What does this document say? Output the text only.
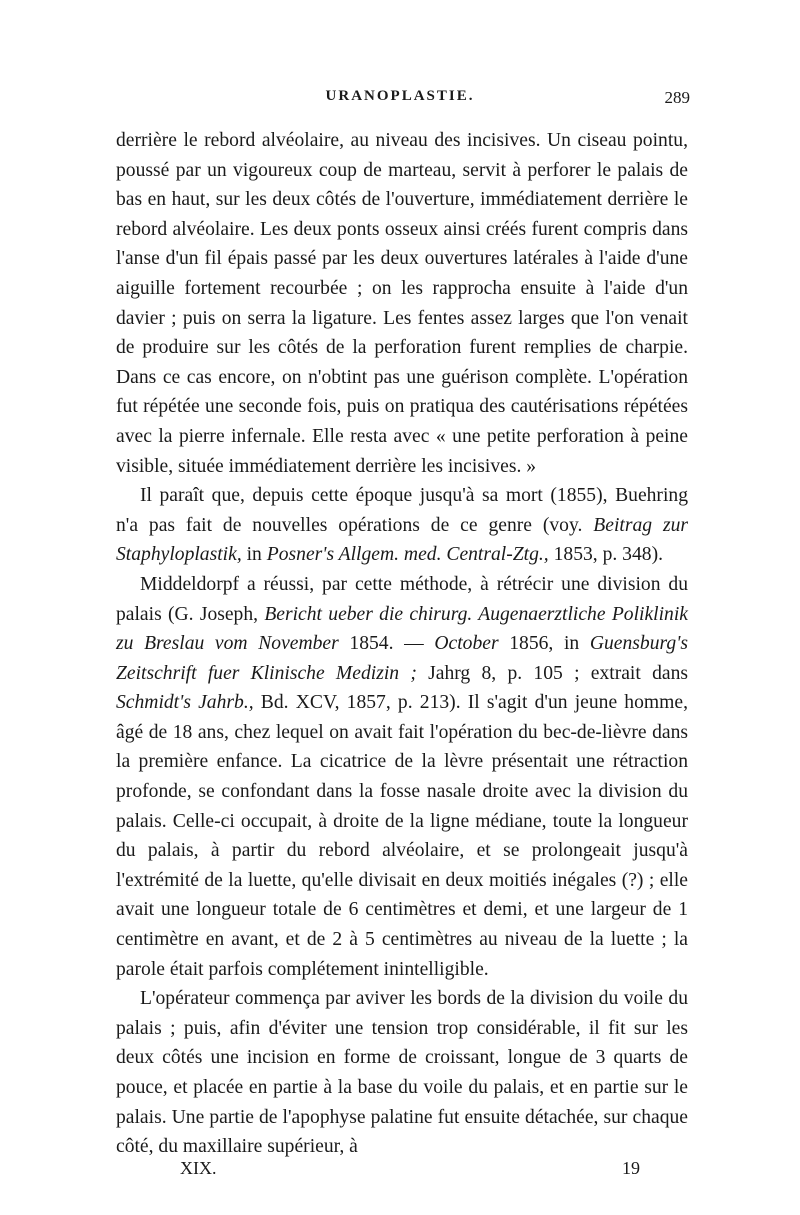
URANOPLASTIE.	289

derrière le rebord alvéolaire, au niveau des incisives. Un ciseau pointu, poussé par un vigoureux coup de marteau, servit à perforer le palais de bas en haut, sur les deux côtés de l'ouverture, immédiatement derrière le rebord alvéolaire. Les deux ponts osseux ainsi créés furent compris dans l'anse d'un fil épais passé par les deux ouvertures latérales à l'aide d'une aiguille fortement recourbée ; on les rapprocha ensuite à l'aide d'un davier ; puis on serra la ligature. Les fentes assez larges que l'on venait de produire sur les côtés de la perforation furent remplies de charpie. Dans ce cas encore, on n'obtint pas une guérison complète. L'opération fut répétée une seconde fois, puis on pratiqua des cautérisations répétées avec la pierre infernale. Elle resta avec « une petite perforation à peine visible, située immédiatement derrière les incisives. »

Il paraît que, depuis cette époque jusqu'à sa mort (1855), Buehring n'a pas fait de nouvelles opérations de ce genre (voy. Beitrag zur Staphyloplastik, in Posner's Allgem. med. Central-Ztg., 1853, p. 348).

Middeldorpf a réussi, par cette méthode, à rétrécir une division du palais (G. Joseph, Bericht ueber die chirurg. Augenaerztliche Poliklinik zu Breslau vom November 1854. — October 1856, in Guensburg's Zeitschrift fuer Klinische Medizin ; Jahrg 8, p. 105 ; extrait dans Schmidt's Jahrb., Bd. XCV, 1857, p. 213). Il s'agit d'un jeune homme, âgé de 18 ans, chez lequel on avait fait l'opération du bec-de-lièvre dans la première enfance. La cicatrice de la lèvre présentait une rétraction profonde, se confondant dans la fosse nasale droite avec la division du palais. Celle-ci occupait, à droite de la ligne médiane, toute la longueur du palais, à partir du rebord alvéolaire, et se prolongeait jusqu'à l'extrémité de la luette, qu'elle divisait en deux moitiés inégales (?) ; elle avait une longueur totale de 6 centimètres et demi, et une largeur de 1 centimètre en avant, et de 2 à 5 centimètres au niveau de la luette ; la parole était parfois complétement inintelligible.

L'opérateur commença par aviver les bords de la division du voile du palais ; puis, afin d'éviter une tension trop considérable, il fit sur les deux côtés une incision en forme de croissant, longue de 3 quarts de pouce, et placée en partie à la base du voile du palais, et en partie sur le palais. Une partie de l'apophyse palatine fut ensuite détachée, sur chaque côté, du maxillaire supérieur, à

XIX.	19
